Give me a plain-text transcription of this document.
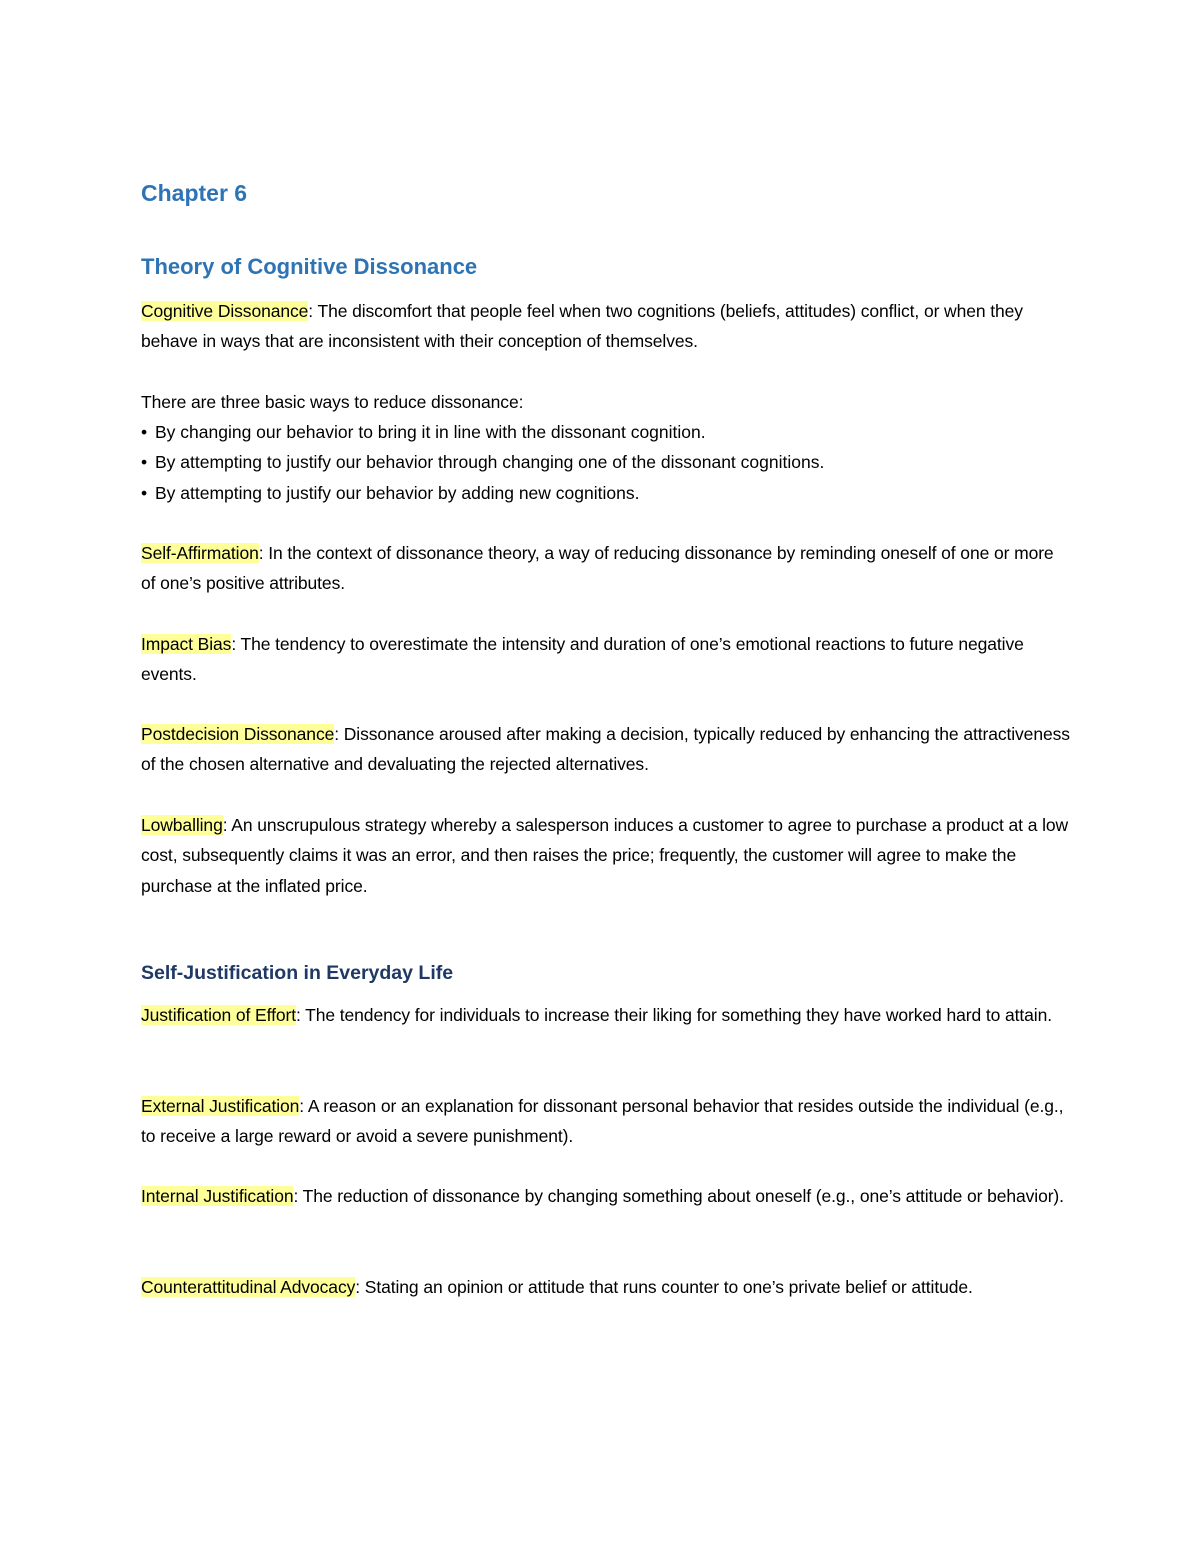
Chapter 6
Theory of Cognitive Dissonance

Cognitive Dissonance: The discomfort that people feel when two cognitions (beliefs, attitudes) conflict, or when they behave in ways that are inconsistent with their conception of themselves.

There are three basic ways to reduce dissonance:

• By changing our behavior to bring it in line with the dissonant cognition.
• By attempting to justify our behavior through changing one of the dissonant cognitions.
• By attempting to justify our behavior by adding new cognitions.

Self-Affirmation: In the context of dissonance theory, a way of reducing dissonance by reminding oneself of one or more of one’s positive attributes.

Impact Bias: The tendency to overestimate the intensity and duration of one’s emotional reactions to future negative events.

Postdecision Dissonance: Dissonance aroused after making a decision, typically reduced by enhancing the attractiveness of the chosen alternative and devaluating the rejected alternatives.

Lowballing: An unscrupulous strategy whereby a salesperson induces a customer to agree to purchase a product at a low cost, subsequently claims it was an error, and then raises the price; frequently, the customer will agree to make the purchase at the inflated price.

Self-Justification in Everyday Life

Justification of Effort: The tendency for individuals to increase their liking for something they have worked hard to attain.

External Justification: A reason or an explanation for dissonant personal behavior that resides outside the individual (e.g., to receive a large reward or avoid a severe punishment).

Internal Justification: The reduction of dissonance by changing something about oneself (e.g., one’s attitude or behavior).

Counterattitudinal Advocacy: Stating an opinion or attitude that runs counter to one’s private belief or attitude.
